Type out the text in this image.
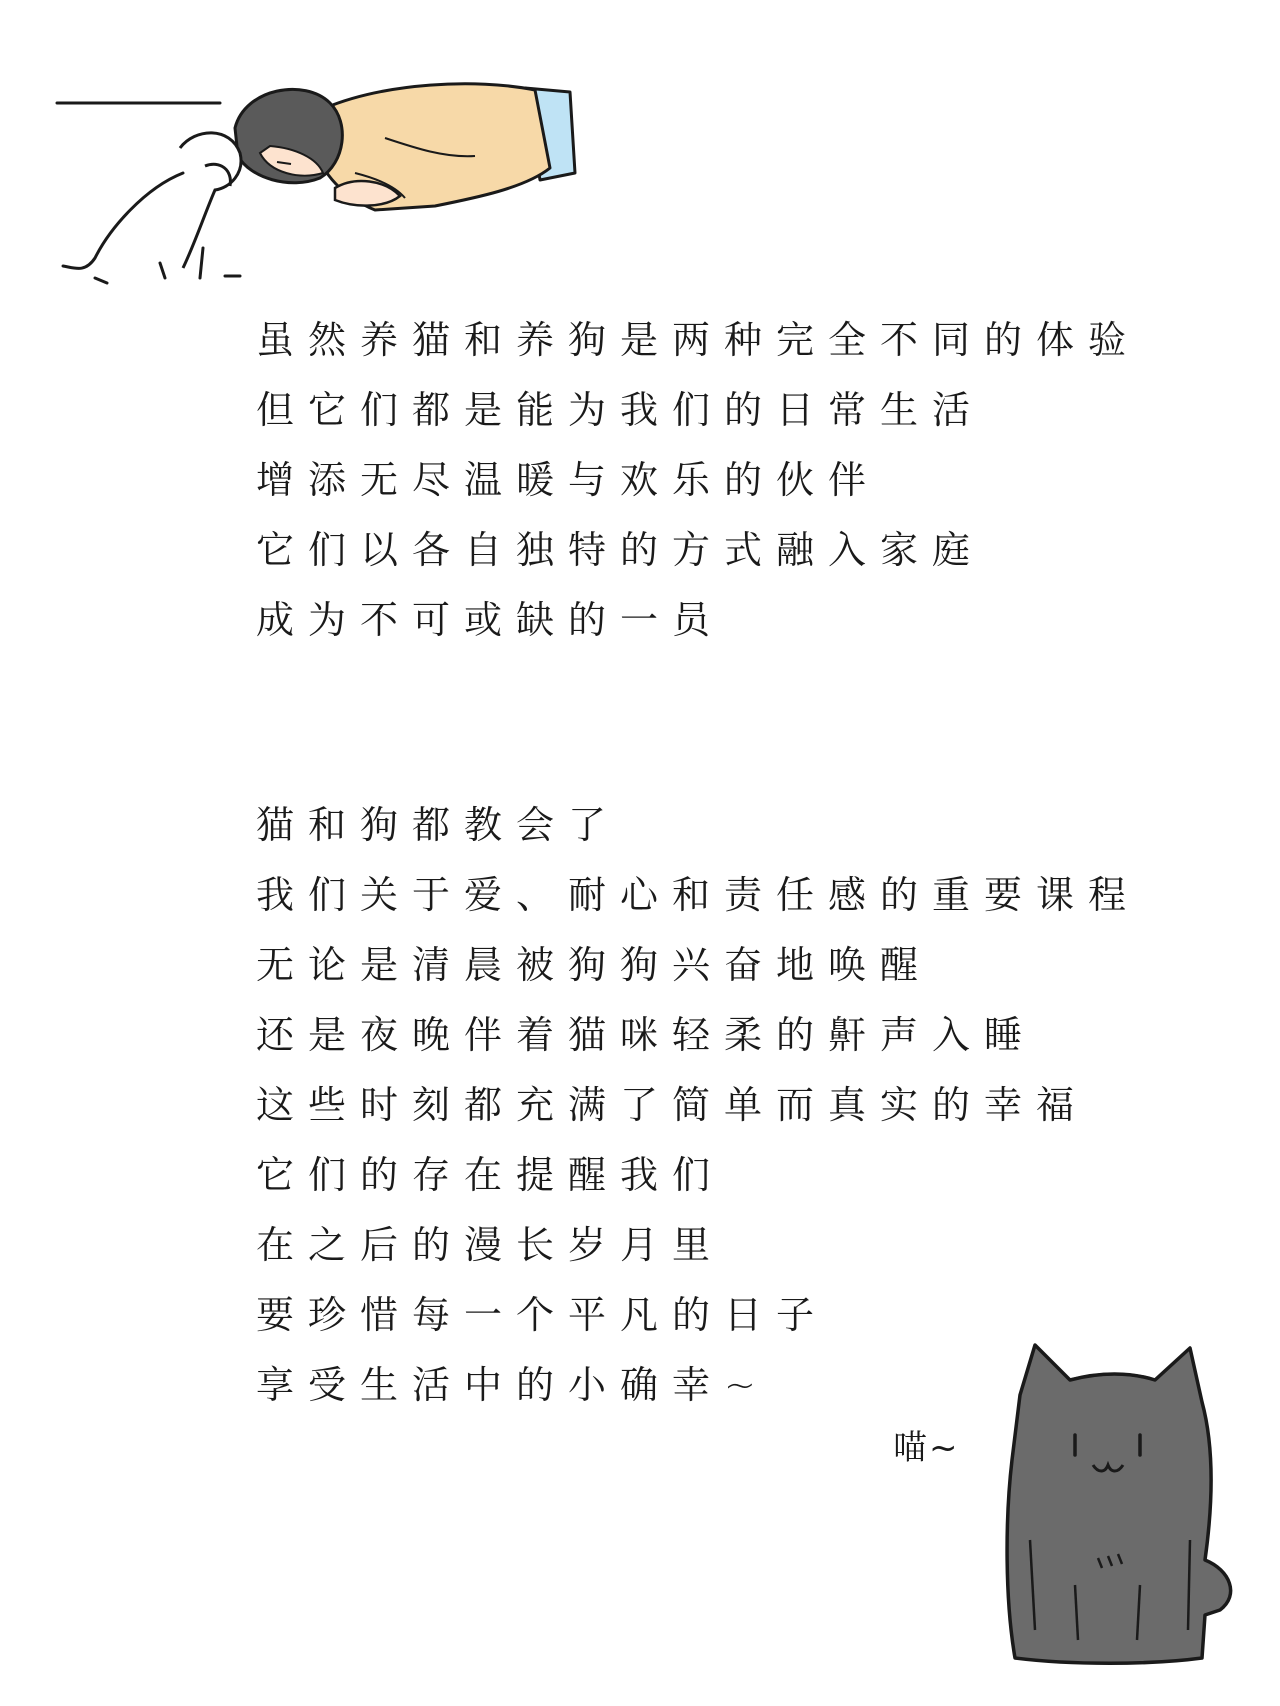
虽然养猫和养狗是两种完全不同的体验
但它们都是能为我们的日常生活
增添无尽温暖与欢乐的伙伴
它们以各自独特的方式融入家庭
成为不可或缺的一员
猫和狗都教会了
我们关于爱、耐心和责任感的重要课程
无论是清晨被狗狗兴奋地唤醒
还是夜晚伴着猫咪轻柔的鼾声入睡
这些时刻都充满了简单而真实的幸福
它们的存在提醒我们
在之后的漫长岁月里
要珍惜每一个平凡的日子
享受生活中的小确幸~
喵~
